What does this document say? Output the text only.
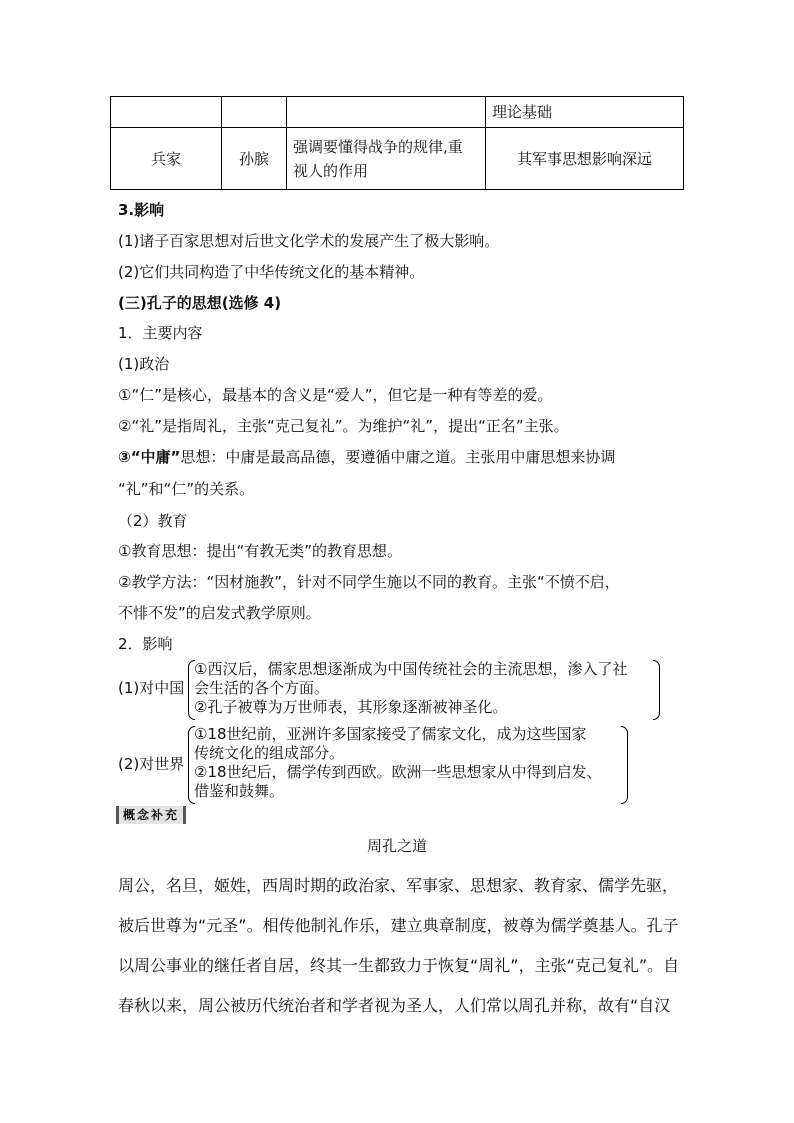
			理论基础
兵家	孙膑	强调要懂得战争的规律,重
视人的作用	其军事思想影响深远
3.影响
(1)诸子百家思想对后世文化学术的发展产生了极大影响。
(2)它们共同构造了中华传统文化的基本精神。
(三)孔子的思想(选修 4)
1．主要内容
(1)政治
①“仁”是核心，最基本的含义是“爱人”，但它是一种有等差的爱。
②“礼”是指周礼，主张“克己复礼”。为维护“礼”，提出“正名”主张。
③“中庸”思想：中庸是最高品德，要遵循中庸之道。主张用中庸思想来协调
“礼”和“仁”的关系。
（2）教育
①教育思想：提出“有教无类”的教育思想。
②教学方法：“因材施教”，针对不同学生施以不同的教育。主张“不愤不启，
不悱不发”的启发式教学原则。
2．影响
(1)对中国
①西汉后，儒家思想逐渐成为中国传统社会的主流思想，渗入了社
会生活的各个方面。
②孔子被尊为万世师表，其形象逐渐被神圣化。
(2)对世界
①18世纪前，亚洲许多国家接受了儒家文化，成为这些国家
传统文化的组成部分。
②18世纪后，儒学传到西欧。欧洲一些思想家从中得到启发、
借鉴和鼓舞。
概念补充
周孔之道
周公，名旦，姬姓，西周时期的政治家、军事家、思想家、教育家、儒学先驱，
被后世尊为“元圣”。相传他制礼作乐，建立典章制度，被尊为儒学奠基人。孔子
以周公事业的继任者自居，终其一生都致力于恢复“周礼”，主张“克己复礼”。自
春秋以来，周公被历代统治者和学者视为圣人，人们常以周孔并称，故有“自汉
